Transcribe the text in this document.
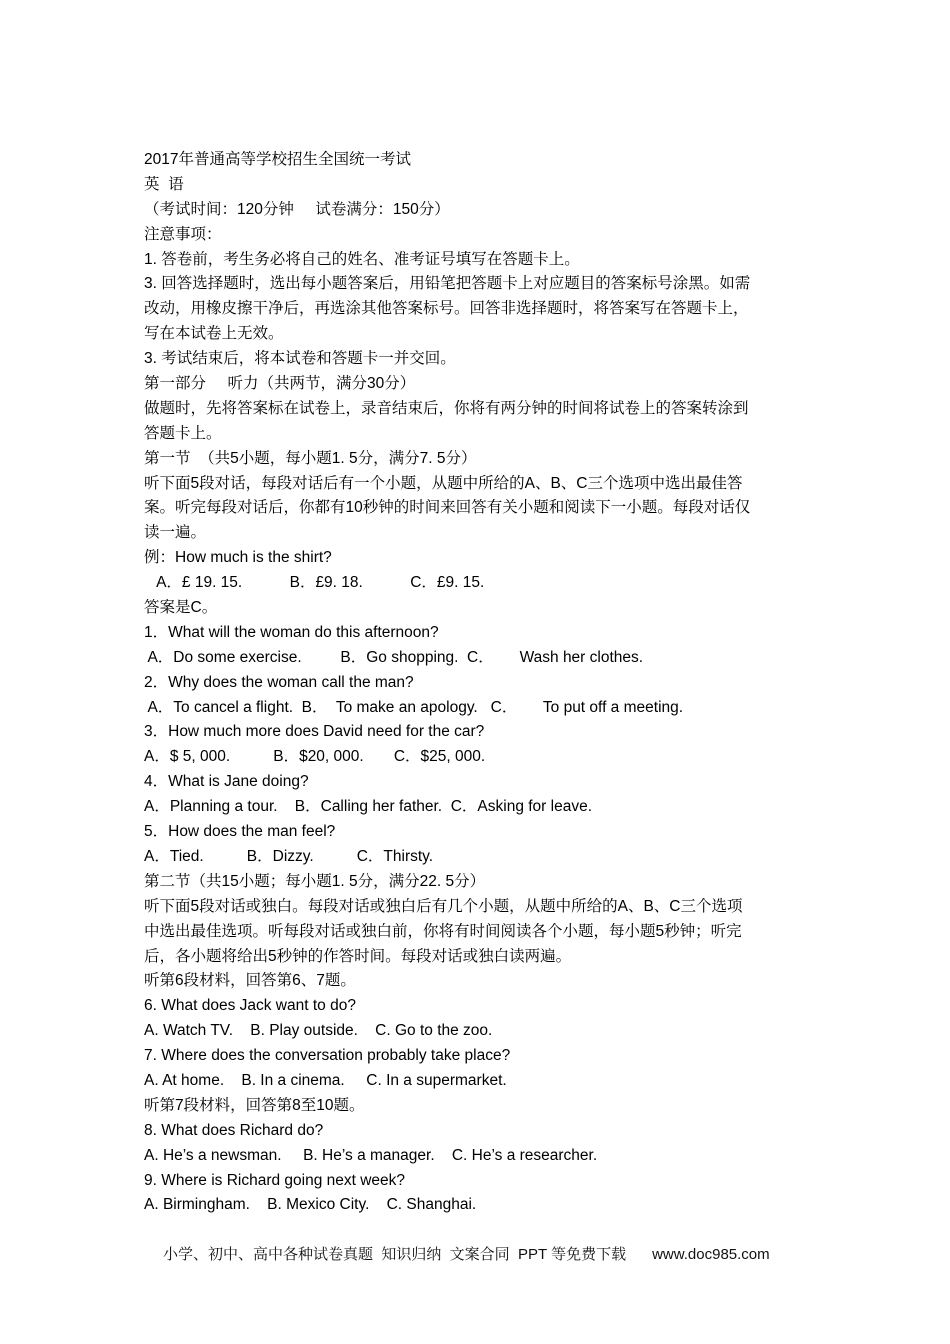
2017年普通高等学校招生全国统一考试
英  语
（考试时间：120分钟     试卷满分：150分）
注意事项：
1. 答卷前，考生务必将自己的姓名、准考证号填写在答题卡上。
3. 回答选择题时，选出每小题答案后，用铅笔把答题卡上对应题目的答案标号涂黑。如需
改动，用橡皮擦干净后，再选涂其他答案标号。回答非选择题时，将答案写在答题卡上，
写在本试卷上无效。
3. 考试结束后，将本试卷和答题卡一并交回。
第一部分     听力（共两节，满分30分）
做题时，先将答案标在试卷上，录音结束后，你将有两分钟的时间将试卷上的答案转涂到
答题卡上。
第一节  （共5小题，每小题1. 5分，满分7. 5分）
听下面5段对话，每段对话后有一个小题，从题中所给的A、B、C三个选项中选出最佳答
案。听完每段对话后，你都有10秒钟的时间来回答有关小题和阅读下一小题。每段对话仅
读一遍。
例：How much is the shirt?
A．£ 19. 15.           B．£9. 18.           C．£9. 15.
答案是C。
1．What will the woman do this afternoon?
A．Do some exercise.         B．Go shopping.  C．      Wash her clothes.
2．Why does the woman call the man?
A．To cancel a flight.  B．  To make an apology.   C．      To put off a meeting.
3．How much more does David need for the car?
A．$ 5, 000.          B．$20, 000.       C．$25, 000.
4．What is Jane doing?
A．Planning a tour.    B．Calling her father.  C．Asking for leave.
5．How does the man feel?
A．Tied.          B．Dizzy.          C．Thirsty.
第二节（共15小题；每小题1. 5分，满分22. 5分）
听下面5段对话或独白。每段对话或独白后有几个小题，从题中所给的A、B、C三个选项
中选出最佳选项。听每段对话或独白前，你将有时间阅读各个小题，每小题5秒钟；听完
后，各小题将给出5秒钟的作答时间。每段对话或独白读两遍。
听第6段材料，回答第6、7题。
6. What does Jack want to do?
A. Watch TV.    B. Play outside.    C. Go to the zoo.
7. Where does the conversation probably take place?
A. At home.    B. In a cinema.     C. In a supermarket.
听第7段材料，回答第8至10题。
8. What does Richard do?
A. He’s a newsman.     B. He’s a manager.    C. He’s a researcher.
9. Where is Richard going next week?
A. Birmingham.    B. Mexico City.    C. Shanghai.
小学、初中、高中各种试卷真题  知识归纳  文案合同  PPT 等免费下载 www.doc985.com
